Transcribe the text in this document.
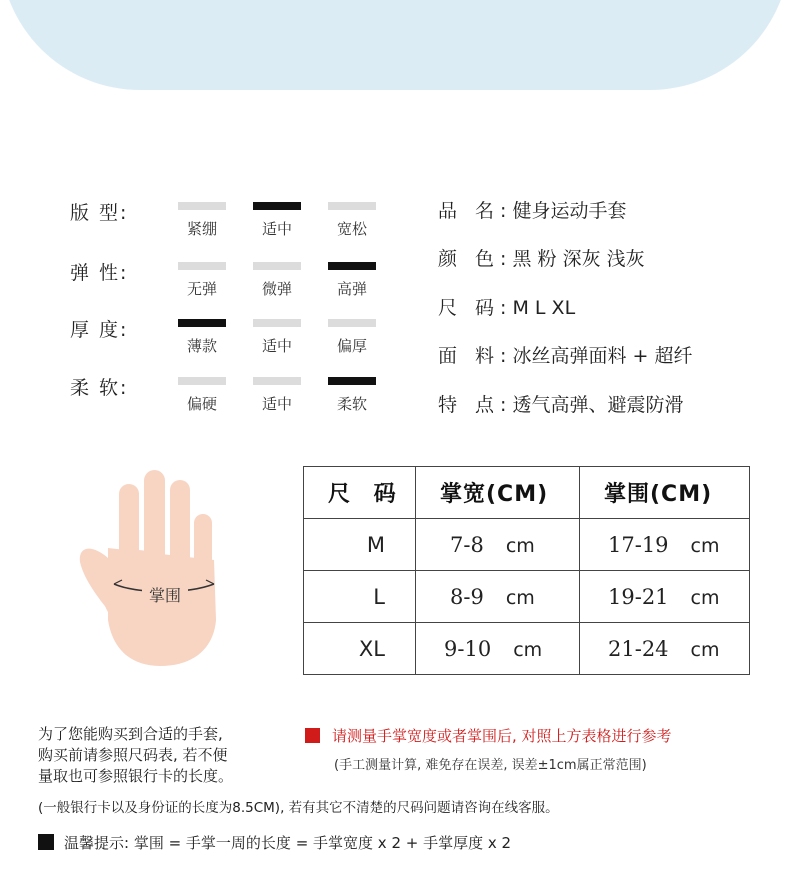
版 型:
紧绷	适中	宽松
弹 性:
无弹	微弹	高弹
厚 度:
薄款	适中	偏厚
柔 软:
偏硬	适中	柔软
品 名: 健身运动手套
颜 色: 黑 粉 深灰 浅灰
尺 码: M L XL
面 料: 冰丝高弹面料 + 超纤
特 点: 透气高弹、避震防滑
掌围
尺 码	掌宽(CM)	掌围(CM)
M	7-8 cm	17-19 cm
L	8-9 cm	19-21 cm
XL	9-10 cm	21-24 cm
为了您能购买到合适的手套,
购买前请参照尺码表, 若不便
量取也可参照银行卡的长度。
请测量手掌宽度或者掌围后, 对照上方表格进行参考
(手工测量计算, 难免存在误差, 误差±1cm属正常范围)
(一般银行卡以及身份证的长度为8.5CM), 若有其它不清楚的尺码问题请咨询在线客服。
温馨提示: 掌围 = 手掌一周的长度 = 手掌宽度 x 2 + 手掌厚度 x 2
